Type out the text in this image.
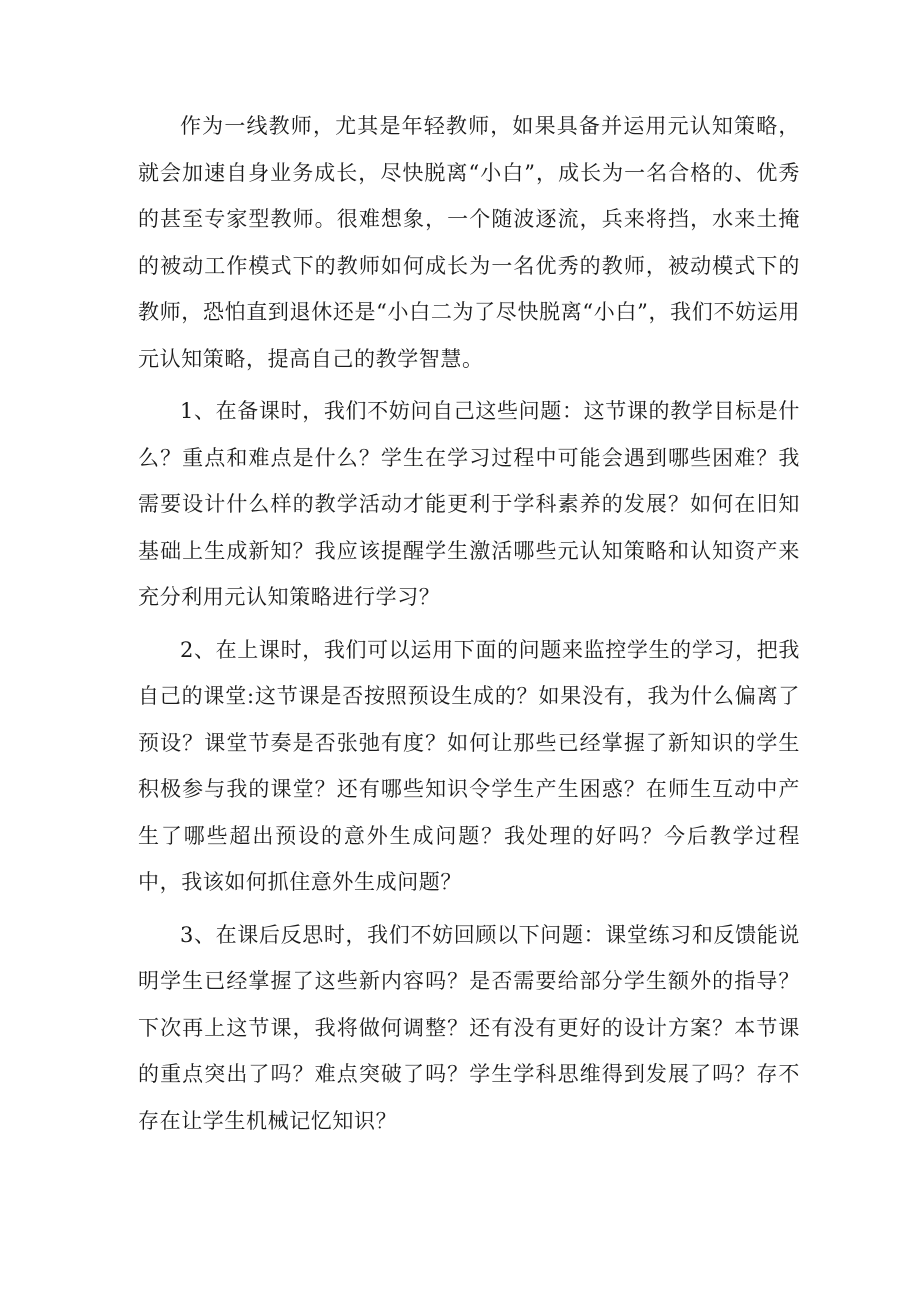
作为一线教师，尤其是年轻教师，如果具备并运用元认知策略，就会加速自身业务成长，尽快脱离“小白”，成长为一名合格的、优秀的甚至专家型教师。很难想象，一个随波逐流，兵来将挡，水来土掩的被动工作模式下的教师如何成长为一名优秀的教师，被动模式下的教师，恐怕直到退休还是“小白二为了尽快脱离“小白”，我们不妨运用元认知策略，提高自己的教学智慧。

1、在备课时，我们不妨问自己这些问题：这节课的教学目标是什么？重点和难点是什么？学生在学习过程中可能会遇到哪些困难？我需要设计什么样的教学活动才能更利于学科素养的发展？如何在旧知基础上生成新知？我应该提醒学生激活哪些元认知策略和认知资产来充分利用元认知策略进行学习？

2、在上课时，我们可以运用下面的问题来监控学生的学习，把我自己的课堂:这节课是否按照预设生成的？如果没有，我为什么偏离了预设？课堂节奏是否张弛有度？如何让那些已经掌握了新知识的学生积极参与我的课堂？还有哪些知识令学生产生困惑？在师生互动中产生了哪些超出预设的意外生成问题？我处理的好吗？今后教学过程中，我该如何抓住意外生成问题？

3、在课后反思时，我们不妨回顾以下问题：课堂练习和反馈能说明学生已经掌握了这些新内容吗？是否需要给部分学生额外的指导？下次再上这节课，我将做何调整？还有没有更好的设计方案？本节课的重点突出了吗？难点突破了吗？学生学科思维得到发展了吗？存不存在让学生机械记忆知识？
